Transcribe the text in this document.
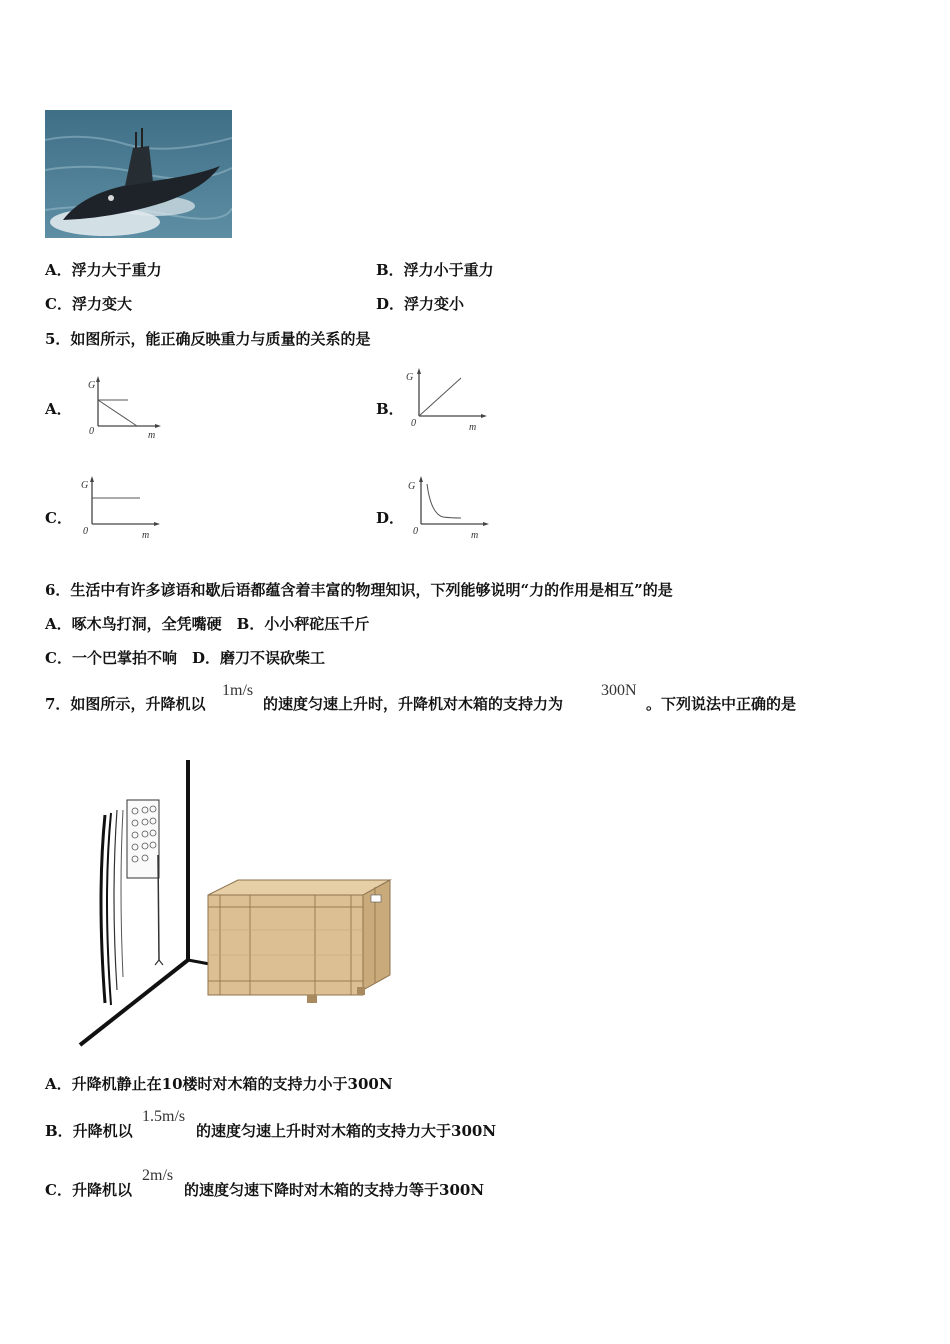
A．浮力大于重力	B．浮力小于重力
C．浮力变大	D．浮力变小
5．如图所示，能正确反映重力与质量的关系的是
A．
G
0	m
B．
G
0	m
C．
G
0	m
D．
G
0	m
6．生活中有许多谚语和歇后语都蕴含着丰富的物理知识，下列能够说明“力的作用是相互”的是
A．啄木鸟打洞，全凭嘴硬　B．小小秤砣压千斤
C．一个巴掌拍不响　D．磨刀不误砍柴工
7．如图所示，升降机以
1m/s
的速度匀速上升时，升降机对木箱的支持力为
300N
。下列说法中正确的是
A．升降机静止在10楼时对木箱的支持力小于300N
B．升降机以
1.5m/s
的速度匀速上升时对木箱的支持力大于300N
C．升降机以
2m/s
的速度匀速下降时对木箱的支持力等于300N
